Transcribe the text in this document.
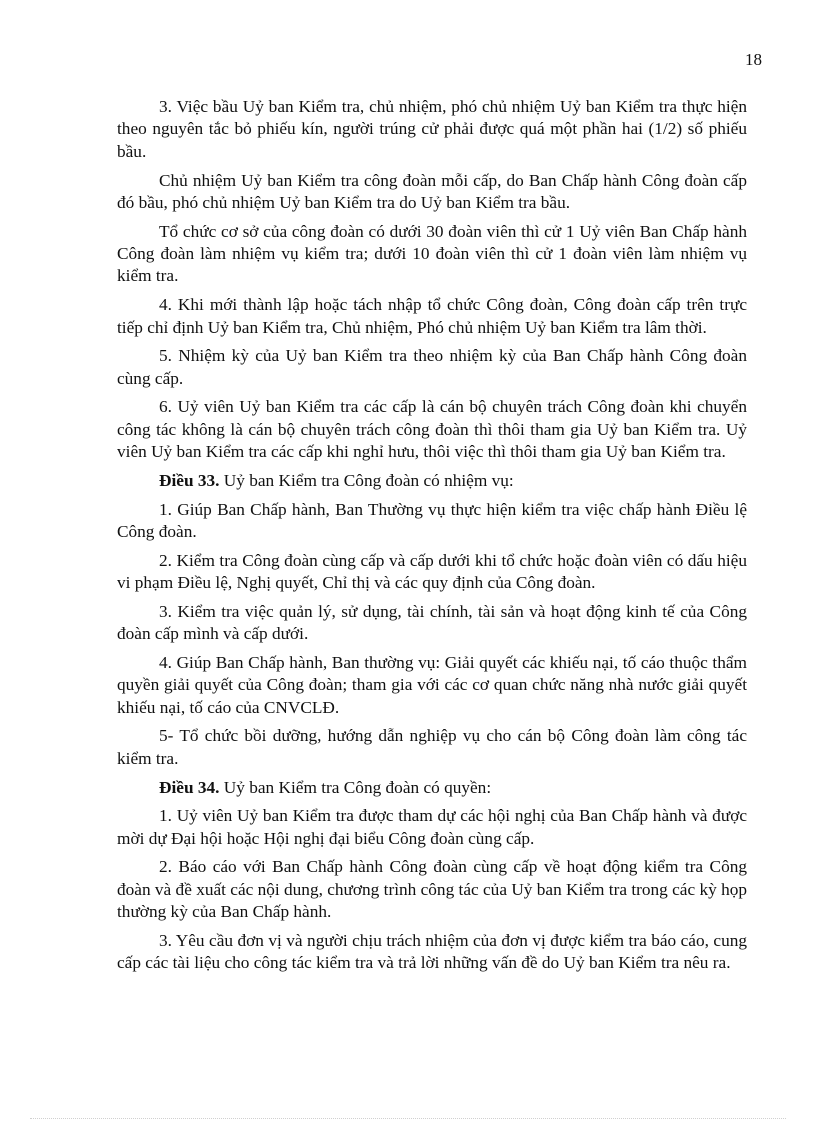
18

3. Việc bầu Uỷ ban Kiểm tra, chủ nhiệm, phó chủ nhiệm Uỷ ban Kiểm tra thực hiện theo nguyên tắc bỏ phiếu kín, người trúng cử phải được quá một phần hai (1/2) số phiếu bầu.

Chủ nhiệm Uỷ ban Kiểm tra công đoàn mỗi cấp, do Ban Chấp hành Công đoàn cấp đó bầu, phó chủ nhiệm Uỷ ban Kiểm tra do Uỷ ban Kiểm tra bầu.

Tổ chức cơ sở của công đoàn có dưới 30 đoàn viên thì cử 1 Uỷ viên Ban Chấp hành Công đoàn làm nhiệm vụ kiểm tra; dưới 10 đoàn viên thì cử 1 đoàn viên làm nhiệm vụ kiểm tra.

4. Khi mới thành lập hoặc tách nhập tổ chức Công đoàn, Công đoàn cấp trên trực tiếp chỉ định Uỷ ban Kiểm tra, Chủ nhiệm, Phó chủ nhiệm Uỷ ban Kiểm tra lâm thời.

5. Nhiệm kỳ của Uỷ ban Kiểm tra theo nhiệm kỳ của Ban Chấp hành Công đoàn cùng cấp.

6. Uỷ viên Uỷ ban Kiểm tra các cấp là cán bộ chuyên trách Công đoàn khi chuyển công tác không là cán bộ chuyên trách công đoàn thì thôi tham gia Uỷ ban Kiểm tra. Uỷ viên Uỷ ban Kiểm tra các cấp khi nghỉ hưu, thôi việc thì thôi tham gia Uỷ ban Kiểm tra.

Điều 33. Uỷ ban Kiểm tra Công đoàn có nhiệm vụ:

1. Giúp Ban Chấp hành, Ban Thường vụ thực hiện kiểm tra việc chấp hành Điều lệ Công đoàn.

2. Kiểm tra Công đoàn cùng cấp và cấp dưới khi tổ chức hoặc đoàn viên có dấu hiệu vi phạm Điều lệ, Nghị quyết, Chỉ thị và các quy định của Công đoàn.

3. Kiểm tra việc quản lý, sử dụng, tài chính, tài sản và hoạt động kinh tế của Công đoàn cấp mình và cấp dưới.

4. Giúp Ban Chấp hành, Ban thường vụ: Giải quyết các khiếu nại, tố cáo thuộc thẩm quyền giải quyết của Công đoàn; tham gia với các cơ quan chức năng nhà nước giải quyết khiếu nại, tố cáo của CNVCLĐ.

5- Tổ chức bồi dưỡng, hướng dẫn nghiệp vụ cho cán bộ Công đoàn làm công tác kiểm tra.

Điều 34. Uỷ ban Kiểm tra Công đoàn có quyền:

1. Uỷ viên Uỷ ban Kiểm tra được tham dự các hội nghị của Ban Chấp hành và được mời dự Đại hội hoặc Hội nghị đại biểu Công đoàn cùng cấp.

2. Báo cáo với Ban Chấp hành Công đoàn cùng cấp về hoạt động kiểm tra Công đoàn và đề xuất các nội dung, chương trình công tác của Uỷ ban Kiểm tra trong các kỳ họp thường kỳ của Ban Chấp hành.

3. Yêu cầu đơn vị và người chịu trách nhiệm của đơn vị được kiểm tra báo cáo, cung cấp các tài liệu cho công tác kiểm tra và trả lời những vấn đề do Uỷ ban Kiểm tra nêu ra.
